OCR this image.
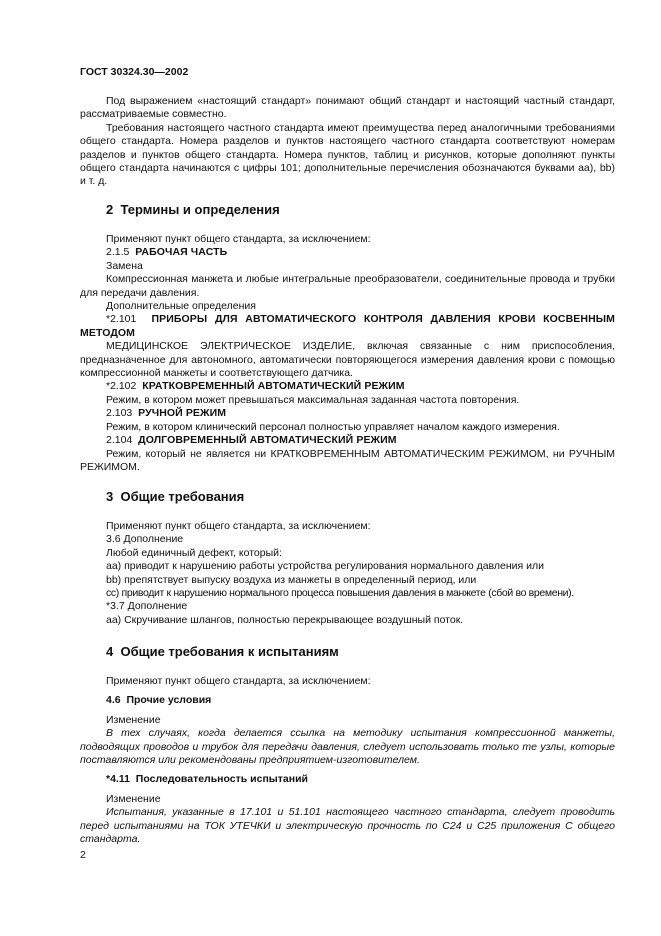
ГОСТ 30324.30—2002

Под выражением «настоящий стандарт» понимают общий стандарт и настоящий частный стандарт, рассматриваемые совместно.

Требования настоящего частного стандарта имеют преимущества перед аналогичными требованиями общего стандарта. Номера разделов и пунктов настоящего частного стандарта соответствуют номерам разделов и пунктов общего стандарта. Номера пунктов, таблиц и рисунков, которые дополняют пункты общего стандарта начинаются с цифры 101; дополнительные перечисления обозначаются буквами аа), bb) и т. д.

2 Термины и определения

Применяют пункт общего стандарта, за исключением:

2.1.5 РАБОЧАЯ ЧАСТЬ

Замена

Компрессионная манжета и любые интегральные преобразователи, соединительные провода и трубки для передачи давления.

Дополнительные определения

*2.101 ПРИБОРЫ ДЛЯ АВТОМАТИЧЕСКОГО КОНТРОЛЯ ДАВЛЕНИЯ КРОВИ КОСВЕННЫМ МЕТОДОМ

МЕДИЦИНСКОЕ ЭЛЕКТРИЧЕСКОЕ ИЗДЕЛИЕ, включая связанные с ним приспособления, предназначенное для автономного, автоматически повторяющегося измерения давления крови с помощью компрессионной манжеты и соответствующего датчика.

*2.102 КРАТКОВРЕМЕННЫЙ АВТОМАТИЧЕСКИЙ РЕЖИМ

Режим, в котором может превышаться максимальная заданная частота повторения.

2.103 РУЧНОЙ РЕЖИМ

Режим, в котором клинический персонал полностью управляет началом каждого измерения.

2.104 ДОЛГОВРЕМЕННЫЙ АВТОМАТИЧЕСКИЙ РЕЖИМ

Режим, который не является ни КРАТКОВРЕМЕННЫМ АВТОМАТИЧЕСКИМ РЕЖИМОМ, ни РУЧНЫМ РЕЖИМОМ.

3 Общие требования

Применяют пункт общего стандарта, за исключением:

3.6 Дополнение

Любой единичный дефект, который:

aa) приводит к нарушению работы устройства регулирования нормального давления или

bb) препятствует выпуску воздуха из манжеты в определенный период, или

cc) приводит к нарушению нормального процесса повышения давления в манжете (сбой во времени).

*3.7 Дополнение

aa) Скручивание шлангов, полностью перекрывающее воздушный поток.

4 Общие требования к испытаниям

Применяют пункт общего стандарта, за исключением:

4.6 Прочие условия

Изменение

В тех случаях, когда делается ссылка на методику испытания компрессионной манжеты, подводящих проводов и трубок для передачи давления, следует использовать только те узлы, которые поставляются или рекомендованы предприятием-изготовителем.

*4.11 Последовательность испытаний

Изменение

Испытания, указанные в 17.101 и 51.101 настоящего частного стандарта, следует проводить перед испытаниями на ТОК УТЕЧКИ и электрическую прочность по С24 и С25 приложения С общего стандарта.

2
